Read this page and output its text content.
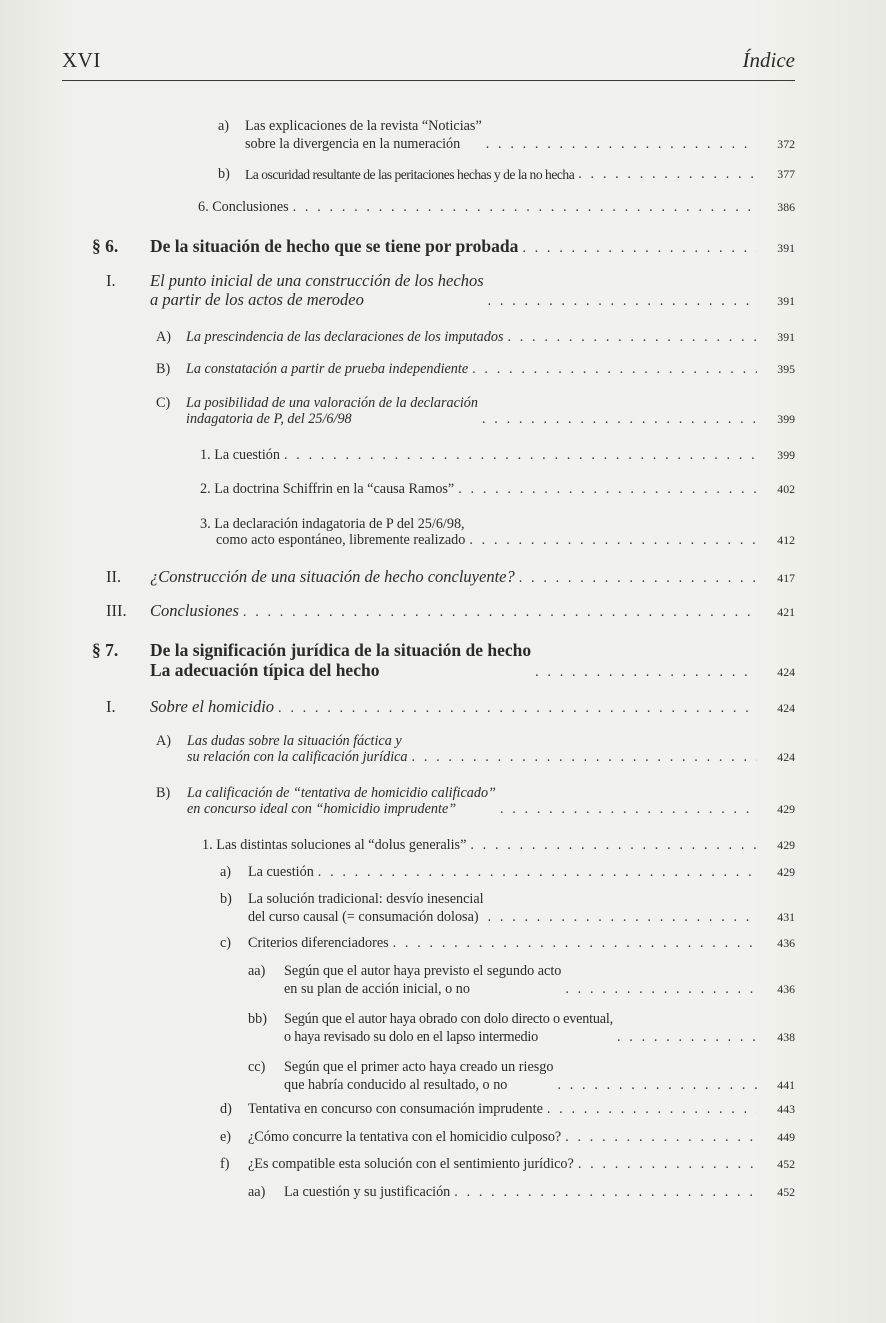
XVI	Índice
a) Las explicaciones de la revista “Noticias”
sobre la divergencia en la numeración . . .	372
b) La oscuridad resultante de las peritaciones hechas y de la no hecha . . .	377
6. Conclusiones . . .	386
§ 6. De la situación de hecho que se tiene por probada . . .	391
I. El punto inicial de una construcción de los hechos
a partir de los actos de merodeo . . .	391
A) La prescindencia de las declaraciones de los imputados . . .	391
B) La constatación a partir de prueba independiente . . .	395
C) La posibilidad de una valoración de la declaración
indagatoria de P, del 25/6/98 . . .	399
1. La cuestión . . .	399
2. La doctrina Schiffrin en la “causa Ramos” . . .	402
3. La declaración indagatoria de P del 25/6/98,
como acto espontáneo, libremente realizado . . .	412
II. ¿Construcción de una situación de hecho concluyente? . . .	417
III. Conclusiones . . .	421
§ 7. De la significación jurídica de la situación de hecho
La adecuación típica del hecho . . .	424
I. Sobre el homicidio . . .	424
A) Las dudas sobre la situación fáctica y
su relación con la calificación jurídica . . .	424
B) La calificación de “tentativa de homicidio calificado”
en concurso ideal con “homicidio imprudente” . . .	429
1. Las distintas soluciones al “dolus generalis” . . .	429
a) La cuestión . . .	429
b) La solución tradicional: desvío inesencial
del curso causal (= consumación dolosa) . . .	431
c) Criterios diferenciadores . . .	436
aa) Según que el autor haya previsto el segundo acto
en su plan de acción inicial, o no . . .	436
bb) Según que el autor haya obrado con dolo directo o eventual,
o haya revisado su dolo en el lapso intermedio . . .	438
cc) Según que el primer acto haya creado un riesgo
que habría conducido al resultado, o no . . .	441
d) Tentativa en concurso con consumación imprudente . . .	443
e) ¿Cómo concurre la tentativa con el homicidio culposo? . . .	449
f) ¿Es compatible esta solución con el sentimiento jurídico? . . .	452
aa) La cuestión y su justificación . . .	452
